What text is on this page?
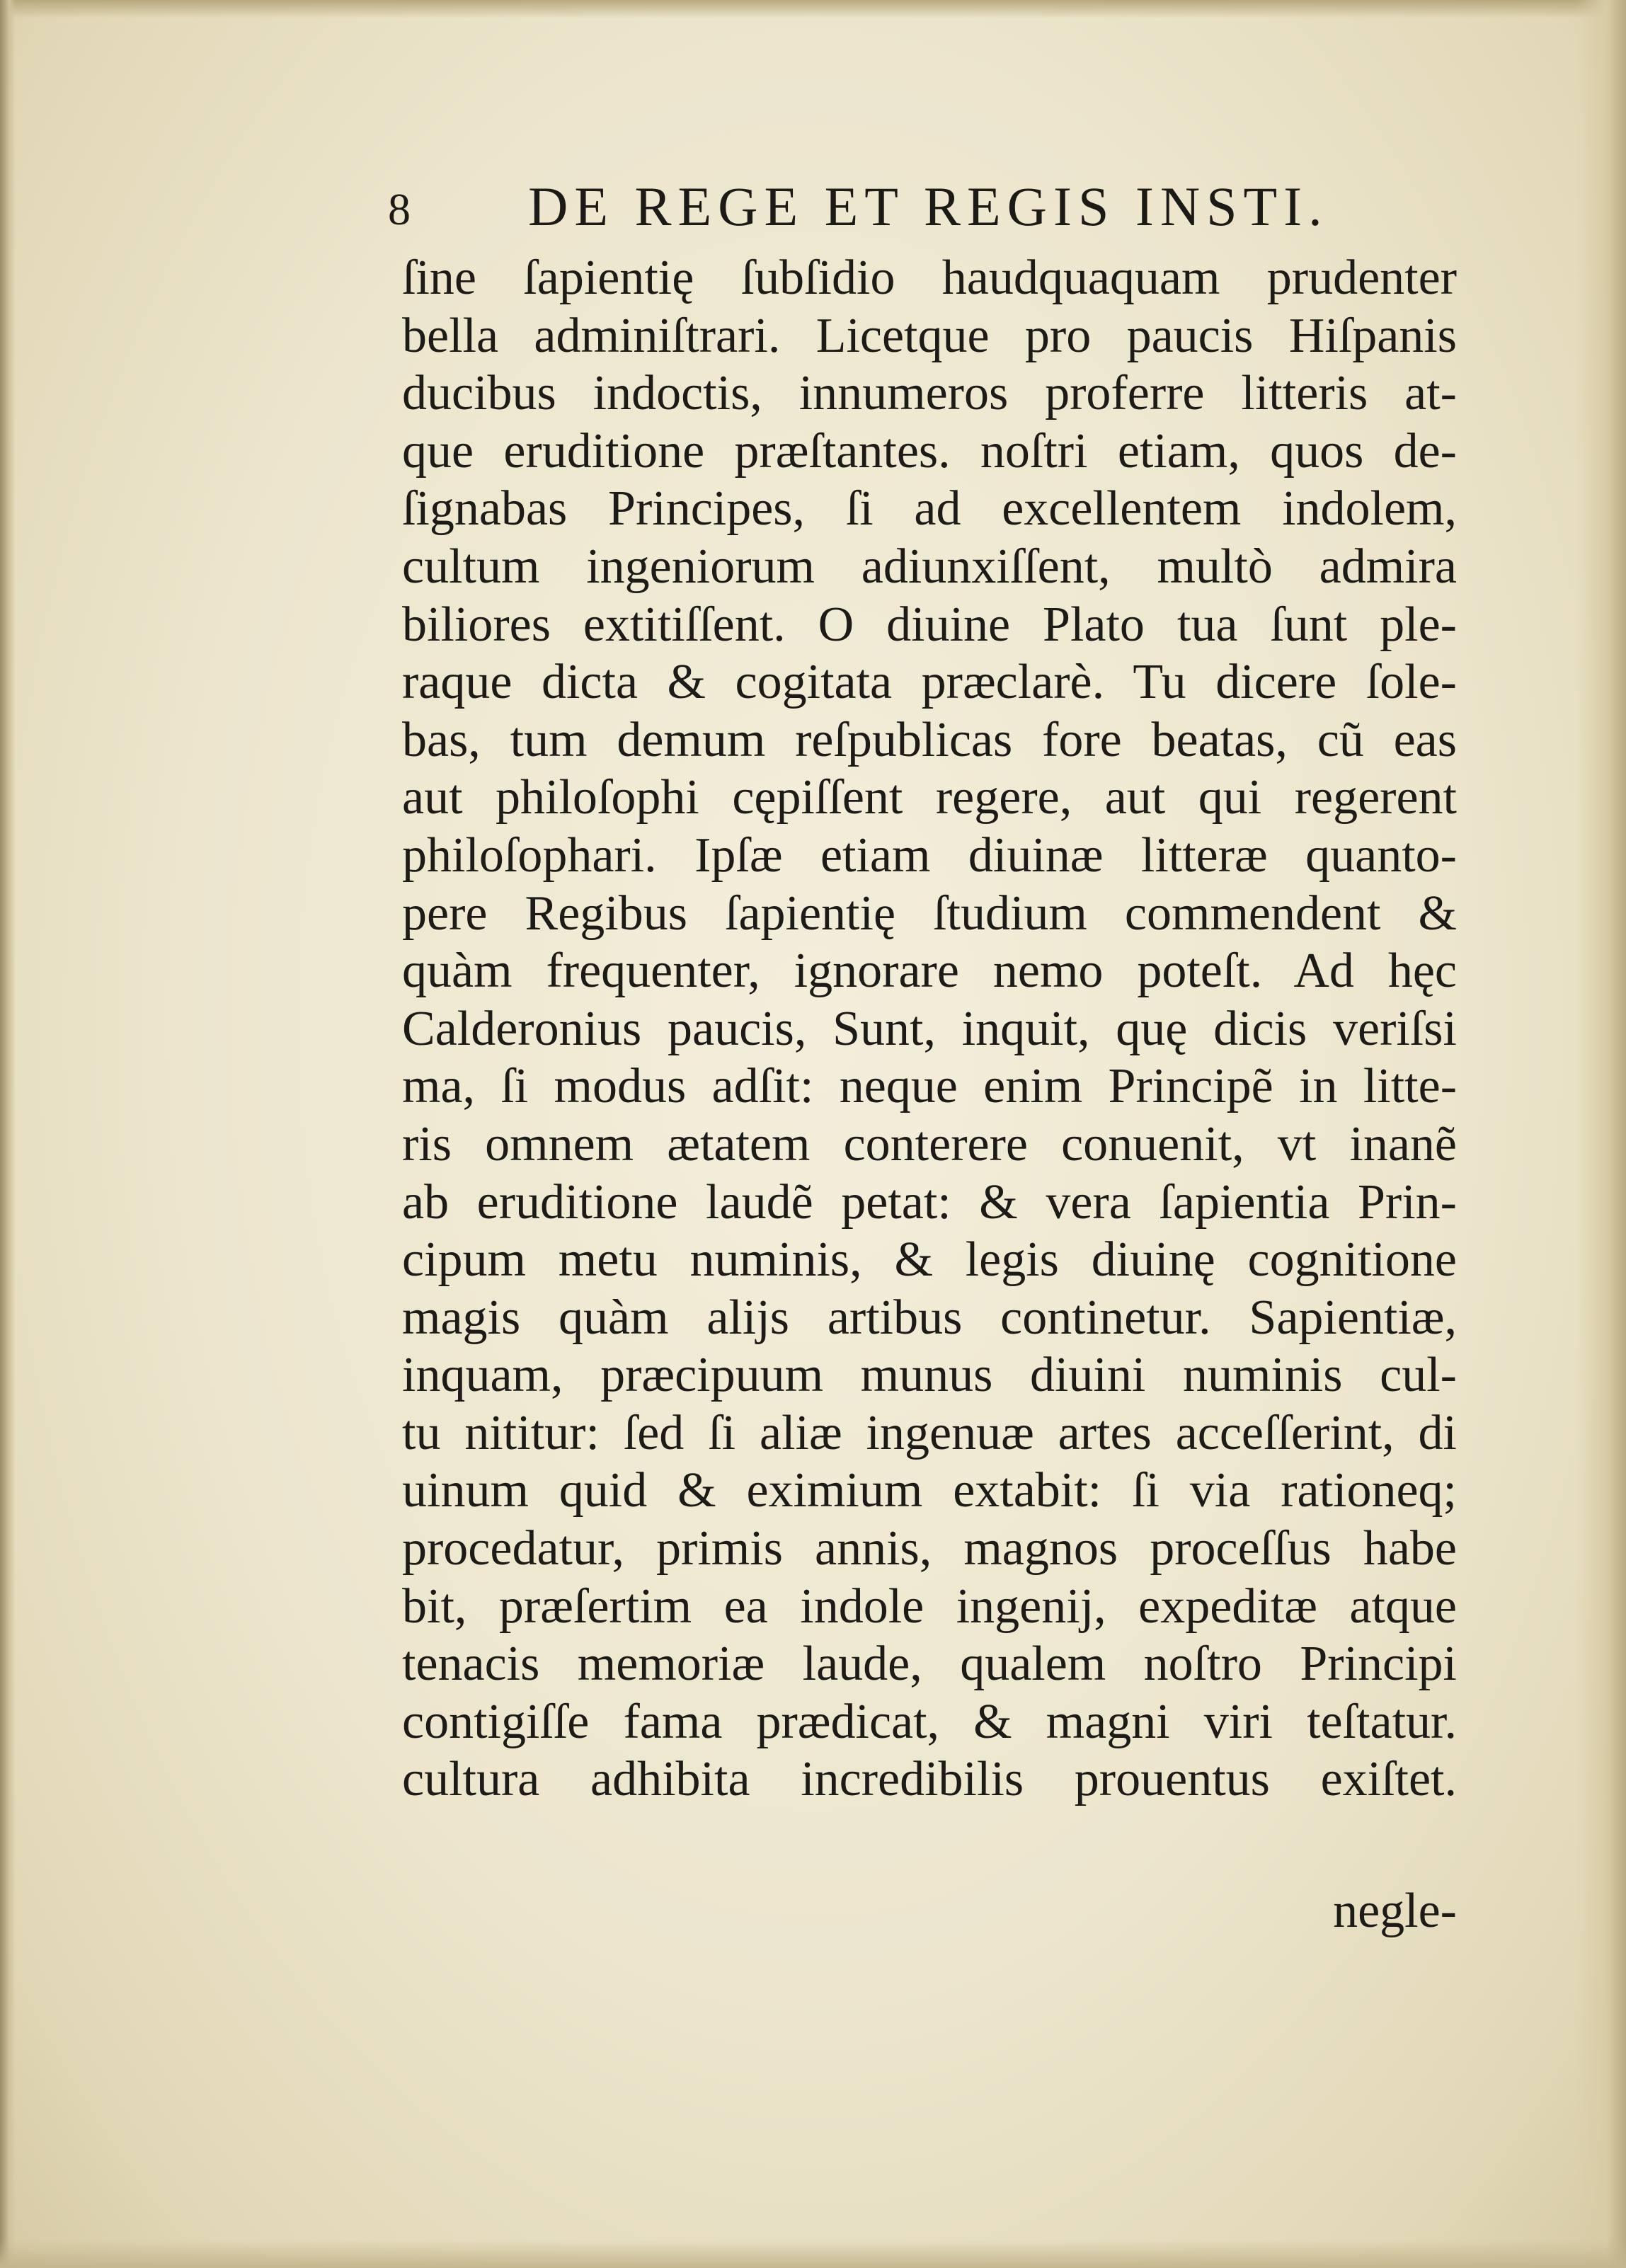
8 DE REGE ET REGIS INSTI.
ſine ſapientię ſubſidio haudquaquam prudenter
bella adminiſtrari. Licetque pro paucis Hiſpanis
ducibus indoctis, innumeros proferre litteris at-
que eruditione præſtantes. noſtri etiam, quos de-
ſignabas Principes, ſi ad excellentem indolem,
cultum ingeniorum adiunxiſſent, multò admira
biliores extitiſſent. O diuine Plato tua ſunt ple-
raque dicta & cogitata præclarè. Tu dicere ſole-
bas, tum demum reſpublicas fore beatas, cũ eas
aut philoſophi cępiſſent regere, aut qui regerent
philoſophari. Ipſæ etiam diuinæ litteræ quanto-
pere Regibus ſapientię ſtudium commendent &
quàm frequenter, ignorare nemo poteſt. Ad hęc
Calderonius paucis, Sunt, inquit, quę dicis veriſsi
ma, ſi modus adſit: neque enim Principẽ in litte-
ris omnem ætatem conterere conuenit, vt inanẽ
ab eruditione laudẽ petat: & vera ſapientia Prin-
cipum metu numinis, & legis diuinę cognitione
magis quàm alijs artibus continetur. Sapientiæ,
inquam, præcipuum munus diuini numinis cul-
tu nititur: ſed ſi aliæ ingenuæ artes acceſſerint, di
uinum quid & eximium extabit: ſi via rationeq;
procedatur, primis annis, magnos proceſſus habe
bit, præſertim ea indole ingenij, expeditæ atque
tenacis memoriæ laude, qualem noſtro Principi
contigiſſe fama prædicat, & magni viri teſtatur.
cultura adhibita incredibilis prouentus exiſtet.
negle-
